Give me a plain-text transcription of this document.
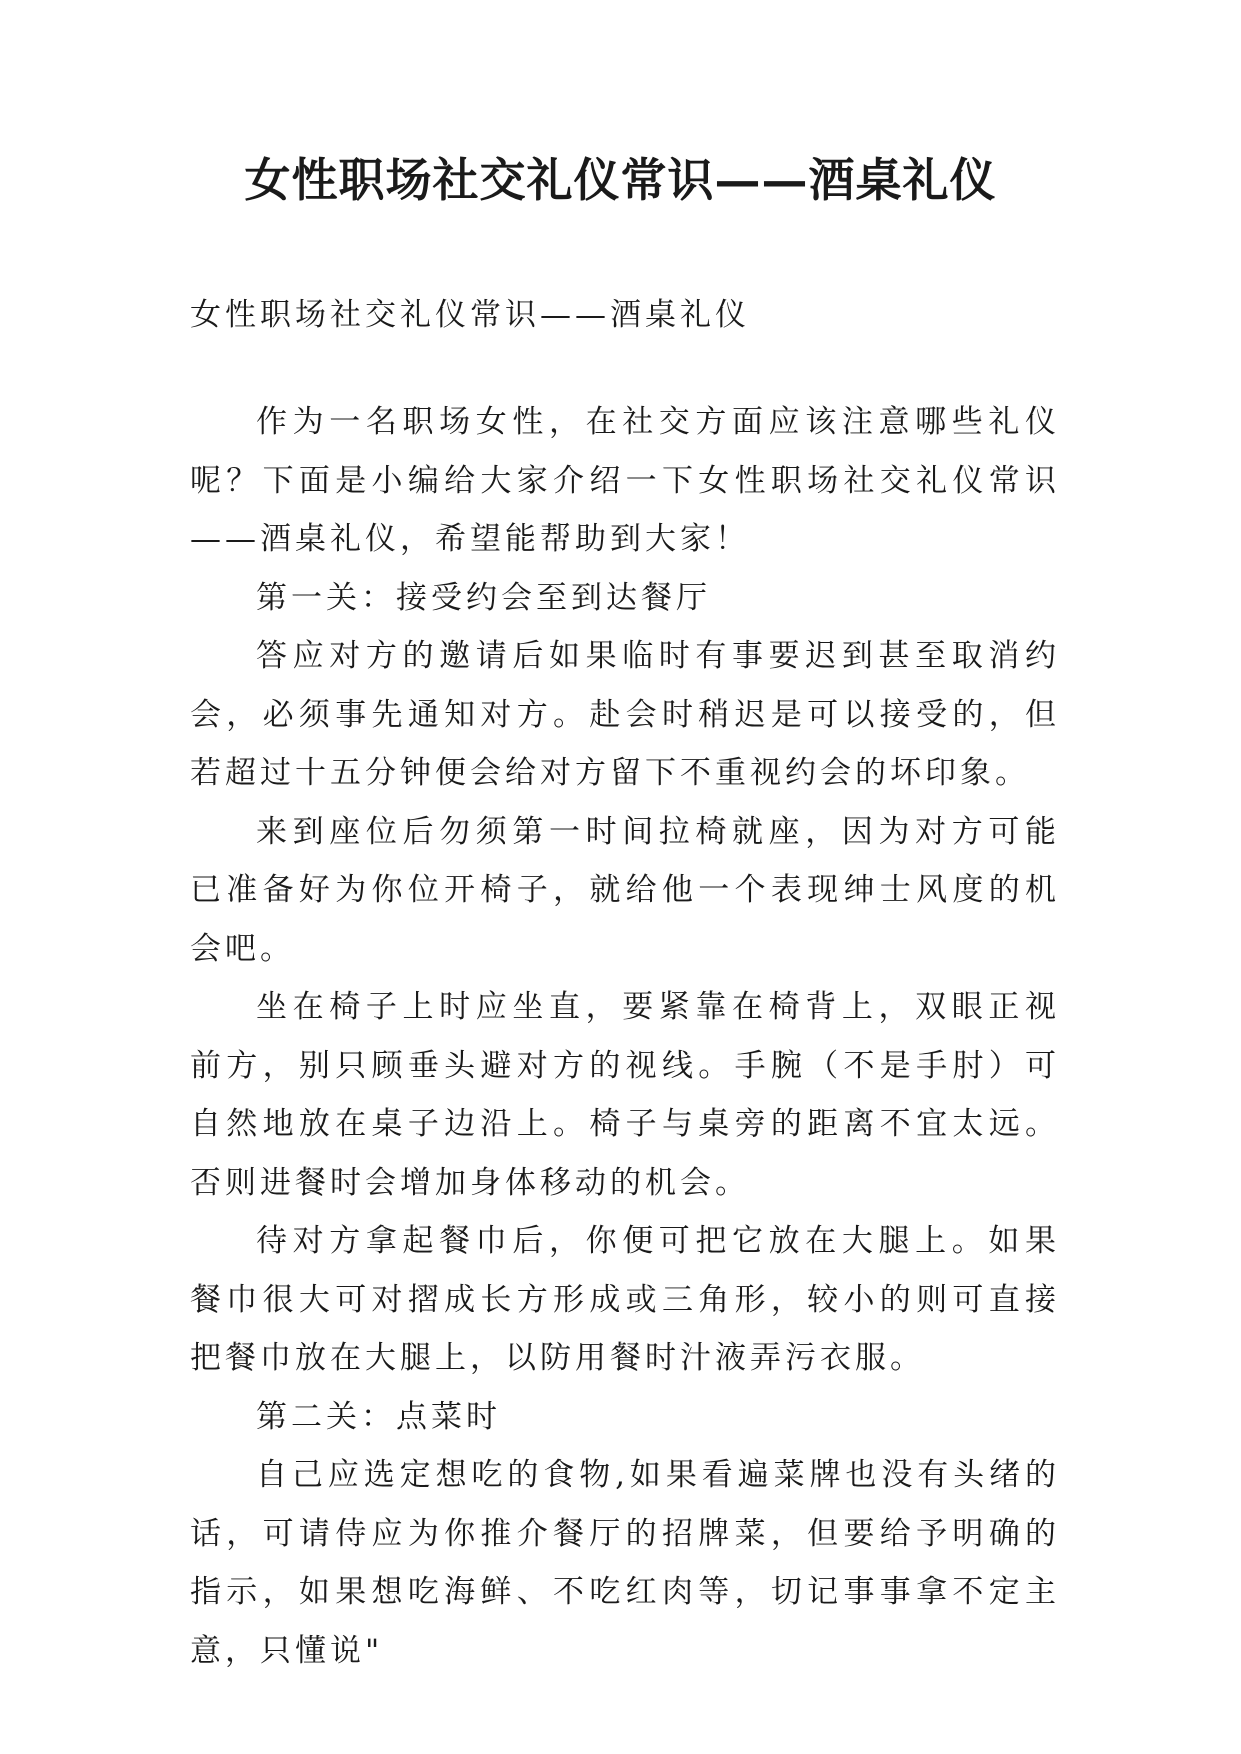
女性职场社交礼仪常识——酒桌礼仪

女性职场社交礼仪常识——酒桌礼仪

作为一名职场女性，在社交方面应该注意哪些礼仪呢？下面是小编给大家介绍一下女性职场社交礼仪常识——酒桌礼仪，希望能帮助到大家！

第一关：接受约会至到达餐厅

答应对方的邀请后如果临时有事要迟到甚至取消约会，必须事先通知对方。赴会时稍迟是可以接受的，但若超过十五分钟便会给对方留下不重视约会的坏印象。

来到座位后勿须第一时间拉椅就座，因为对方可能已准备好为你位开椅子，就给他一个表现绅士风度的机会吧。

坐在椅子上时应坐直，要紧靠在椅背上，双眼正视前方，别只顾垂头避对方的视线。手腕（不是手肘）可自然地放在桌子边沿上。椅子与桌旁的距离不宜太远。否则进餐时会增加身体移动的机会。

待对方拿起餐巾后，你便可把它放在大腿上。如果餐巾很大可对摺成长方形成或三角形，较小的则可直接把餐巾放在大腿上，以防用餐时汁液弄污衣服。

第二关：点菜时

自己应选定想吃的食物,如果看遍菜牌也没有头绪的话，可请侍应为你推介餐厅的招牌菜，但要给予明确的指示，如果想吃海鲜、不吃红肉等，切记事事拿不定主意，只懂说"
